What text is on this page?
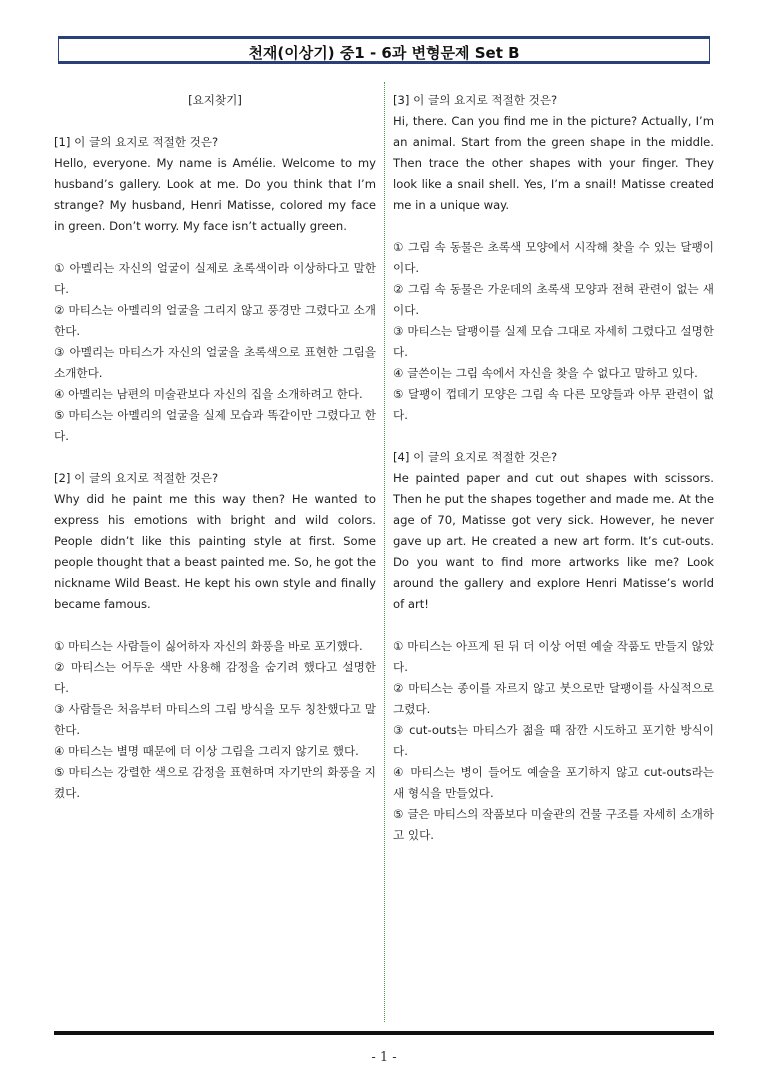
천재(이상기) 중1 - 6과 변형문제 Set B
[요지찾기]

[1] 이 글의 요지로 적절한 것은?

Hello, everyone. My name is Amélie. Welcome to my husband’s gallery. Look at me. Do you think that I’m strange? My husband, Henri Matisse, colored my face in green. Don’t worry. My face isn’t actually green.

① 아멜리는 자신의 얼굴이 실제로 초록색이라 이상하다고 말한다.

② 마티스는 아멜리의 얼굴을 그리지 않고 풍경만 그렸다고 소개한다.

③ 아멜리는 마티스가 자신의 얼굴을 초록색으로 표현한 그림을 소개한다.

④ 아멜리는 남편의 미술관보다 자신의 집을 소개하려고 한다.

⑤ 마티스는 아멜리의 얼굴을 실제 모습과 똑같이만 그렸다고 한다.

[2] 이 글의 요지로 적절한 것은?

Why did he paint me this way then? He wanted to express his emotions with bright and wild colors. People didn’t like this painting style at first. Some people thought that a beast painted me. So, he got the nickname Wild Beast. He kept his own style and finally became famous.

① 마티스는 사람들이 싫어하자 자신의 화풍을 바로 포기했다.

② 마티스는 어두운 색만 사용해 감정을 숨기려 했다고 설명한다.

③ 사람들은 처음부터 마티스의 그림 방식을 모두 칭찬했다고 말한다.

④ 마티스는 별명 때문에 더 이상 그림을 그리지 않기로 했다.

⑤ 마티스는 강렬한 색으로 감정을 표현하며 자기만의 화풍을 지켰다.

[3] 이 글의 요지로 적절한 것은?

Hi, there. Can you find me in the picture? Actually, I’m an animal. Start from the green shape in the middle. Then trace the other shapes with your finger. They look like a snail shell. Yes, I’m a snail! Matisse created me in a unique way.

① 그림 속 동물은 초록색 모양에서 시작해 찾을 수 있는 달팽이이다.

② 그림 속 동물은 가운데의 초록색 모양과 전혀 관련이 없는 새이다.

③ 마티스는 달팽이를 실제 모습 그대로 자세히 그렸다고 설명한다.

④ 글쓴이는 그림 속에서 자신을 찾을 수 없다고 말하고 있다.

⑤ 달팽이 껍데기 모양은 그림 속 다른 모양들과 아무 관련이 없다.

[4] 이 글의 요지로 적절한 것은?

He painted paper and cut out shapes with scissors. Then he put the shapes together and made me. At the age of 70, Matisse got very sick. However, he never gave up art. He created a new art form. It’s cut-outs. Do you want to find more artworks like me? Look around the gallery and explore Henri Matisse’s world of art!

① 마티스는 아프게 된 뒤 더 이상 어떤 예술 작품도 만들지 않았다.

② 마티스는 종이를 자르지 않고 붓으로만 달팽이를 사실적으로 그렸다.

③ cut-outs는 마티스가 젊을 때 잠깐 시도하고 포기한 방식이다.

④ 마티스는 병이 들어도 예술을 포기하지 않고 cut-outs라는 새 형식을 만들었다.

⑤ 글은 마티스의 작품보다 미술관의 건물 구조를 자세히 소개하고 있다.

- 1 -
